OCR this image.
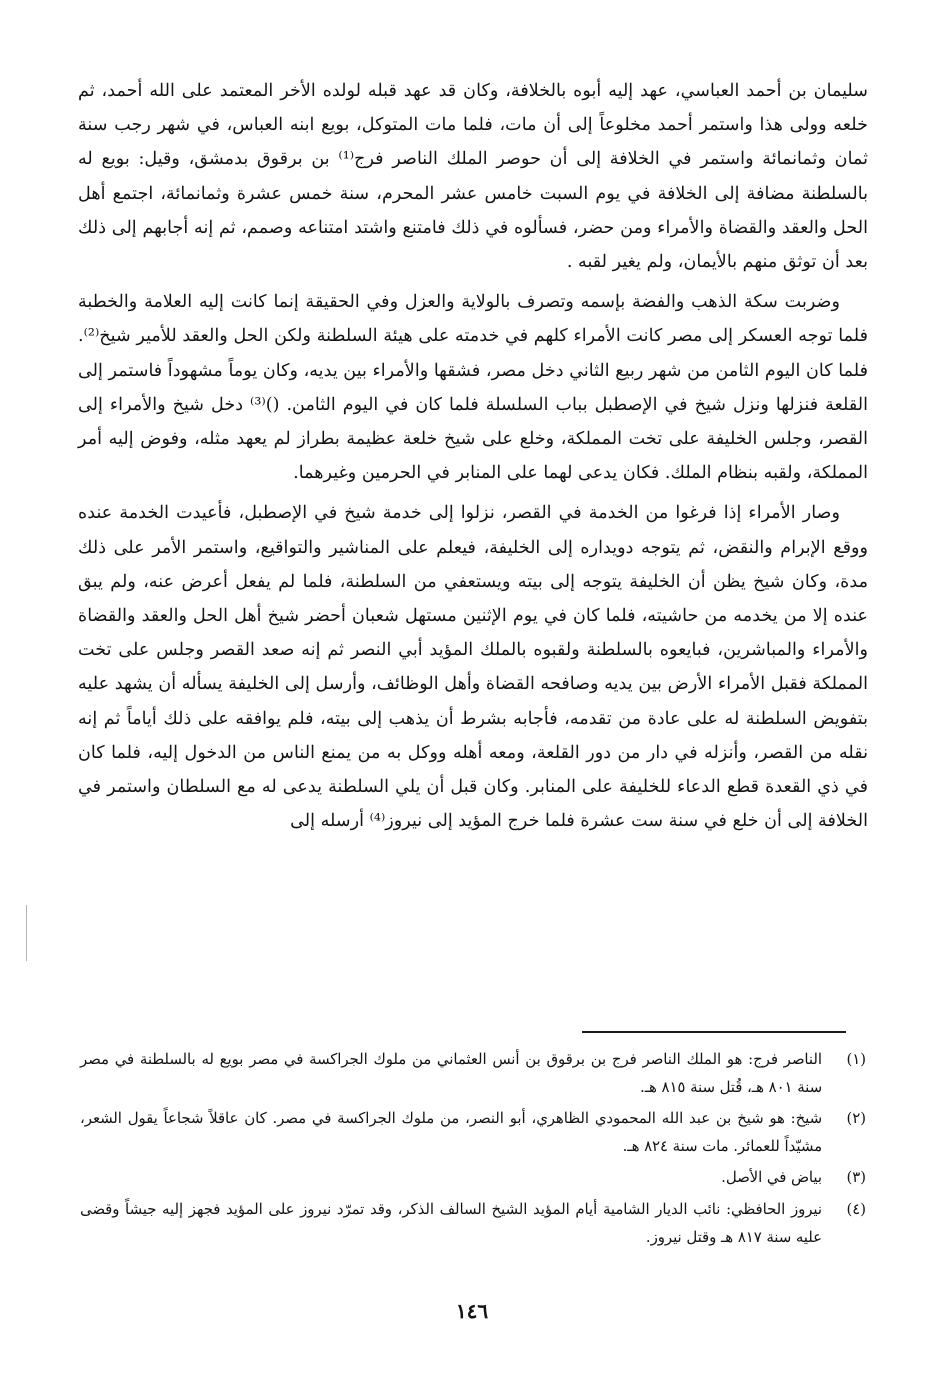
سليمان بن أحمد العباسي، عهد إليه أبوه بالخلافة، وكان قد عهد قبله لولده الأخر المعتمد على الله أحمد، ثم خلعه وولى هذا واستمر أحمد مخلوعاً إلى أن مات، فلما مات المتوكل، بويع ابنه العباس، في شهر رجب سنة ثمان وثمانمائة واستمر في الخلافة إلى أن حوصر الملك الناصر فرج⁽¹⁾ بن برقوق بدمشق، وقيل: بويع له بالسلطنة مضافة إلى الخلافة في يوم السبت خامس عشر المحرم، سنة خمس عشرة وثمانمائة، اجتمع أهل الحل والعقد والقضاة والأمراء ومن حضر، فسألوه في ذلك فامتنع واشتد امتناعه وصمم، ثم إنه أجابهم إلى ذلك بعد أن توثق منهم بالأيمان، ولم يغير لقبه .

وضربت سكة الذهب والفضة بإسمه وتصرف بالولاية والعزل وفي الحقيقة إنما كانت إليه العلامة والخطبة فلما توجه العسكر إلى مصر كانت الأمراء كلهم في خدمته على هيئة السلطنة ولكن الحل والعقد للأمير شيخ⁽²⁾. فلما كان اليوم الثامن من شهر ربيع الثاني دخل مصر، فشقها والأمراء بين يديه، وكان يوماً مشهوداً فاستمر إلى القلعة فنزلها ونزل شيخ في الإصطبل بباب السلسلة فلما كان في اليوم الثامن. ()⁽³⁾ دخل شيخ والأمراء إلى القصر، وجلس الخليفة على تخت المملكة، وخلع على شيخ خلعة عظيمة بطراز لم يعهد مثله، وفوض إليه أمر المملكة، ولقبه بنظام الملك. فكان يدعى لهما على المنابر في الحرمين وغيرهما.

وصار الأمراء إذا فرغوا من الخدمة في القصر، نزلوا إلى خدمة شيخ في الإصطبل، فأعيدت الخدمة عنده ووقع الإبرام والنقض، ثم يتوجه دويداره إلى الخليفة، فيعلم على المناشير والتواقيع، واستمر الأمر على ذلك مدة، وكان شيخ يظن أن الخليفة يتوجه إلى بيته ويستعفي من السلطنة، فلما لم يفعل أعرض عنه، ولم يبق عنده إلا من يخدمه من حاشيته، فلما كان في يوم الإثنين مستهل شعبان أحضر شيخ أهل الحل والعقد والقضاة والأمراء والمباشرين، فبايعوه بالسلطنة ولقبوه بالملك المؤيد أبي النصر ثم إنه صعد القصر وجلس على تخت المملكة فقبل الأمراء الأرض بين يديه وصافحه القضاة وأهل الوظائف، وأرسل إلى الخليفة يسأله أن يشهد عليه بتفويض السلطنة له على عادة من تقدمه، فأجابه بشرط أن يذهب إلى بيته، فلم يوافقه على ذلك أياماً ثم إنه نقله من القصر، وأنزله في دار من دور القلعة، ومعه أهله ووكل به من يمنع الناس من الدخول إليه، فلما كان في ذي القعدة قطع الدعاء للخليفة على المنابر. وكان قبل أن يلي السلطنة يدعى له مع السلطان واستمر في الخلافة إلى أن خلع في سنة ست عشرة فلما خرج المؤيد إلى نيروز⁽⁴⁾ أرسله إلى

(١)
الناصر فرج: هو الملك الناصر فرج بن برقوق بن أنس العثماني من ملوك الجراكسة في مصر بويع له بالسلطنة في مصر سنة ٨٠١ هـ، قُتل سنة ٨١٥ هـ.
(٢)
شيخ: هو شيخ بن عبد الله المحمودي الظاهري، أبو النصر، من ملوك الجراكسة في مصر. كان عاقلاً شجاعاً يقول الشعر، مشيّداً للعمائر. مات سنة ٨٢٤ هـ.
(٣)
بياض في الأصل.
(٤)
نيروز الحافظي: نائب الديار الشامية أيام المؤيد الشيخ السالف الذكر، وقد تمرّد نيروز على المؤيد فجهز إليه جيشاً وقضى عليه سنة ٨١٧ هـ وقتل نيروز.
١٤٦
